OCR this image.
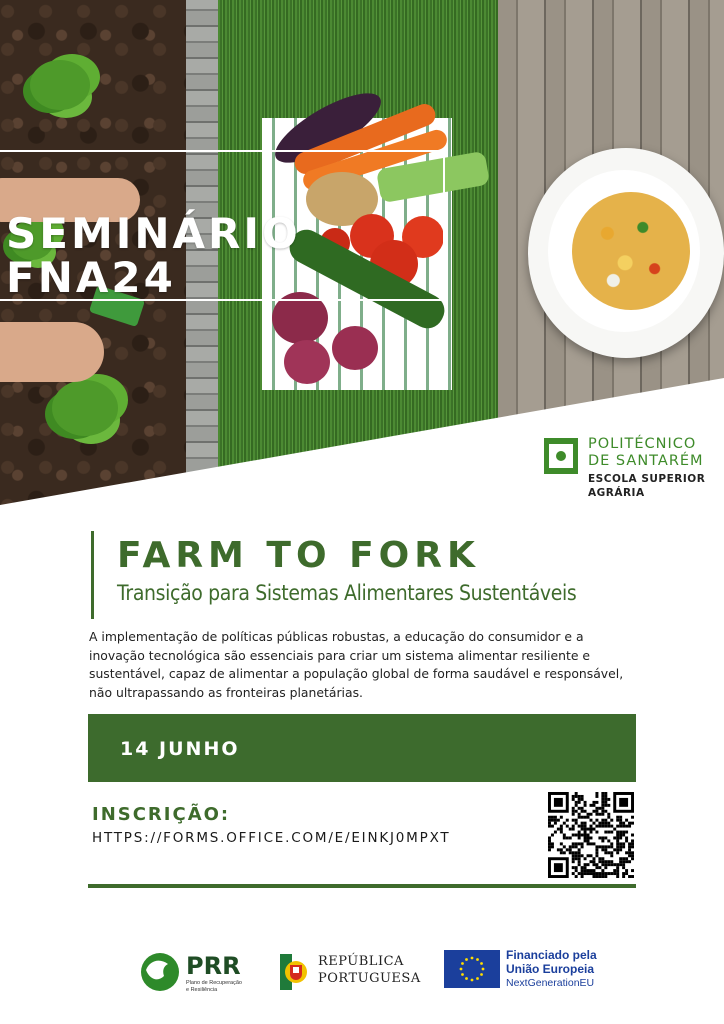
SEMINÁRIO
FNA24
POLITÉCNICO
DE SANTARÉM
ESCOLA SUPERIOR
AGRÁRIA
FARM TO FORK
Transição para Sistemas Alimentares Sustentáveis
A implementação de políticas públicas robustas, a educação do consumidor e a inovação tecnológica são essenciais para criar um sistema alimentar resiliente e sustentável, capaz de alimentar a população global de forma saudável e responsável, não ultrapassando as fronteiras planetárias.
14 JUNHO
INSCRIÇÃO:
HTTPS://FORMS.OFFICE.COM/E/EINKJ0MPXT
PRR
Plano de Recuperação
e Resiliência
REPÚBLICA
PORTUGUESA
Financiado pela
União Europeia
NextGenerationEU
